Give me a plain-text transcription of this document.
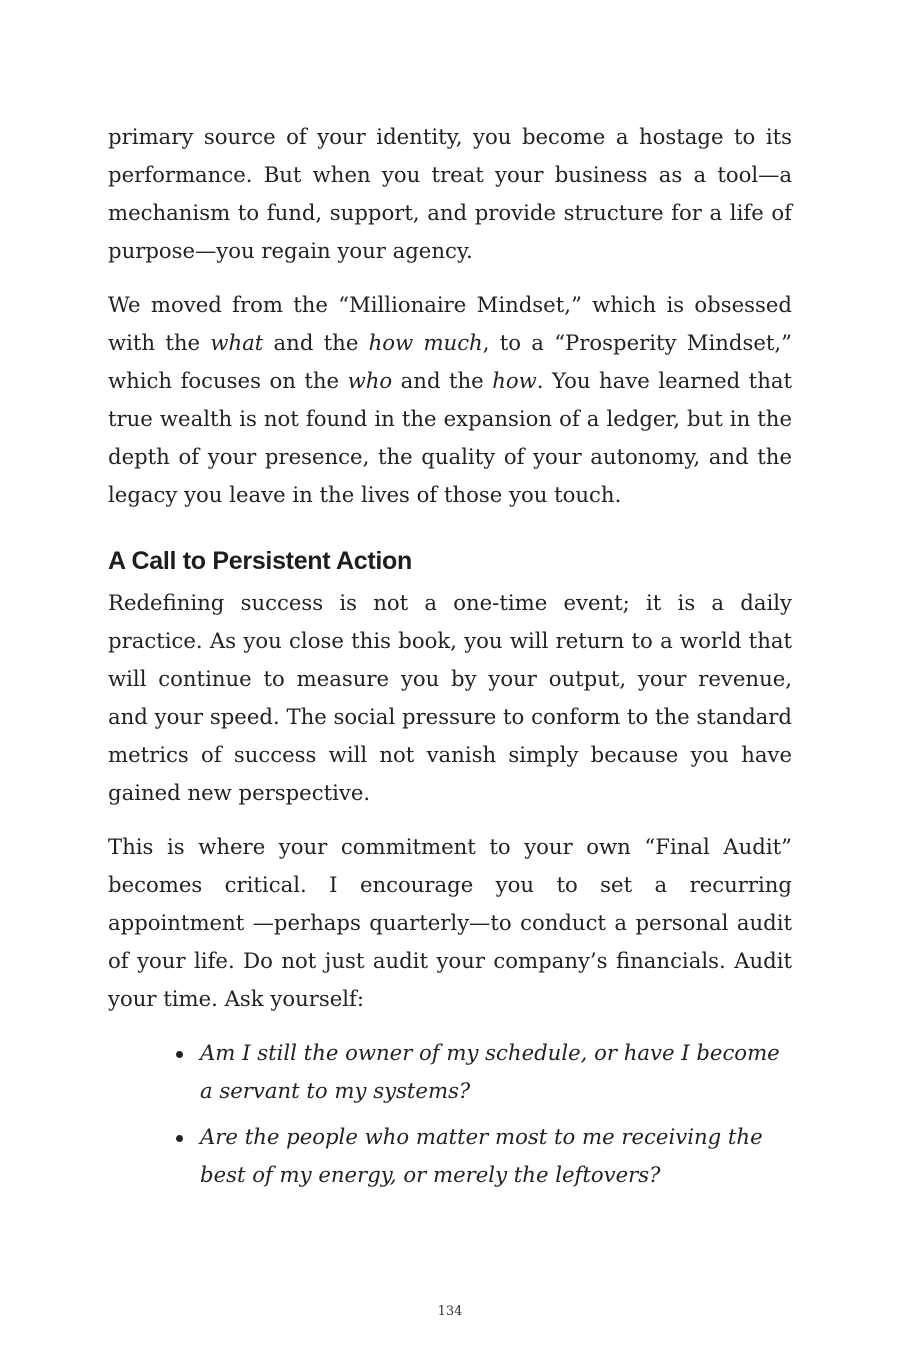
primary source of your identity, you become a hostage to its performance. But when you treat your business as a tool—a mechanism to fund, support, and provide structure for a life of purpose—you regain your agency.

We moved from the “Millionaire Mindset,” which is obsessed with the what and the how much, to a “Prosperity Mindset,” which focuses on the who and the how. You have learned that true wealth is not found in the expansion of a ledger, but in the depth of your presence, the quality of your autonomy, and the legacy you leave in the lives of those you touch.

A Call to Persistent Action

Redefining success is not a one-time event; it is a daily practice. As you close this book, you will return to a world that will continue to measure you by your output, your revenue, and your speed. The social pressure to conform to the standard metrics of success will not vanish simply because you have gained new perspective.

This is where your commitment to your own “Final Audit” becomes critical. I encourage you to set a recurring appointment —perhaps quarterly—to conduct a personal audit of your life. Do not just audit your company’s financials. Audit your time. Ask yourself:

Am I still the owner of my schedule, or have I become a servant to my systems?
Are the people who matter most to me receiving the best of my energy, or merely the leftovers?
134
